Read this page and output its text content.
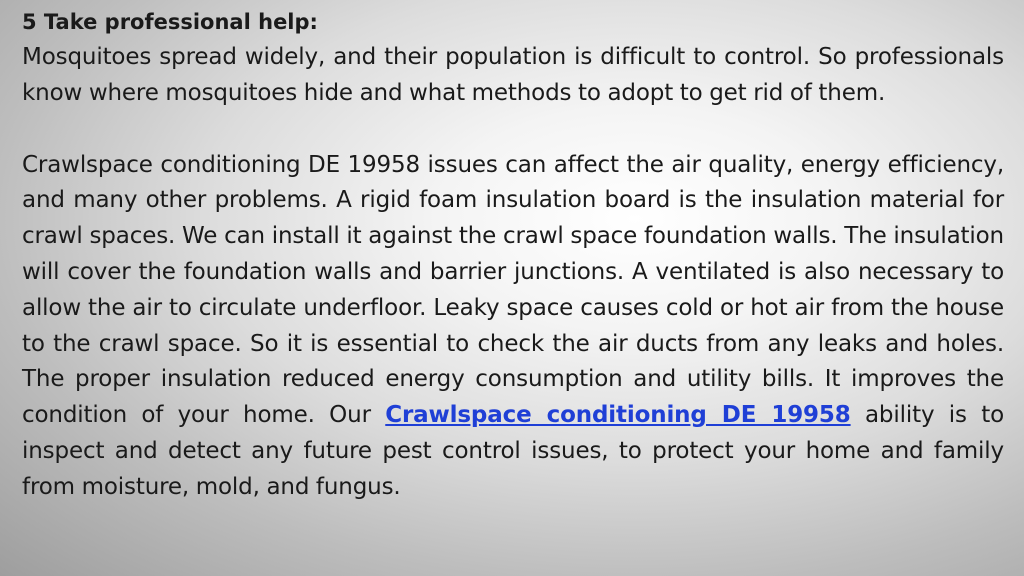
5 Take professional help:

Mosquitoes spread widely, and their population is difficult to control. So professionals know where mosquitoes hide and what methods to adopt to get rid of them.

Crawlspace conditioning DE 19958 issues can affect the air quality, energy efficiency, and many other problems. A rigid foam insulation board is the insulation material for crawl spaces. We can install it against the crawl space foundation walls. The insulation will cover the foundation walls and barrier junctions. A ventilated is also necessary to allow the air to circulate underfloor. Leaky space causes cold or hot air from the house to the crawl space. So it is essential to check the air ducts from any leaks and holes. The proper insulation reduced energy consumption and utility bills. It improves the condition of your home. Our Crawlspace conditioning DE 19958 ability is to inspect and detect any future pest control issues, to protect your home and family from moisture, mold, and fungus.
